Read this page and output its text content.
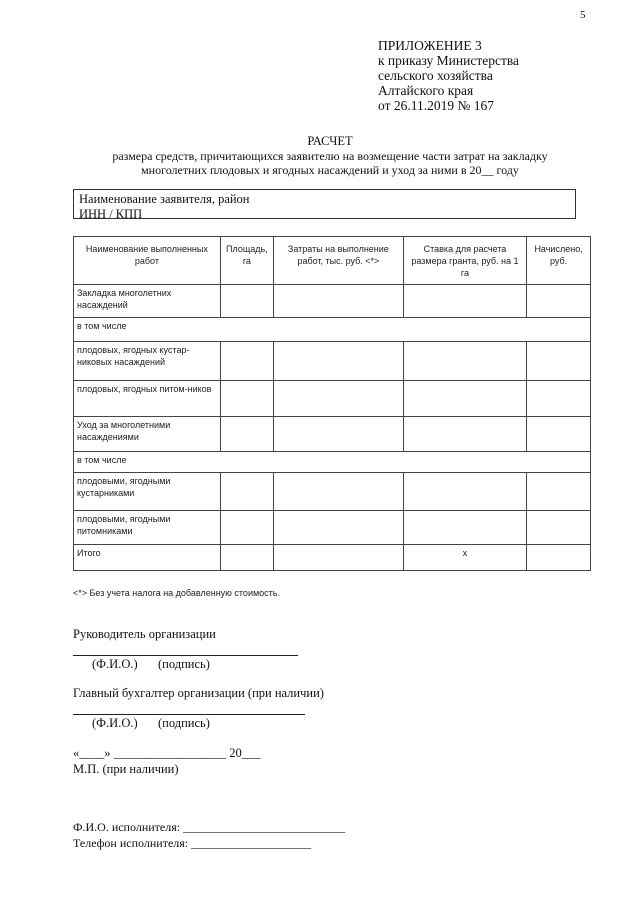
5
ПРИЛОЖЕНИЕ 3
к приказу Министерства
сельского хозяйства
Алтайского края
от 26.11.2019 № 167
РАСЧЕТ
размера средств, причитающихся заявителю на возмещение части затрат на закладку
многолетних плодовых и ягодных насаждений и уход за ними в 20__ году
Наименование заявителя, район
ИНН / КПП
Наименование выполненных работ	Площадь, га	Затраты на выполнение работ, тыс. руб. <*>	Ставка для расчета размера гранта, руб. на 1 га	Начислено, руб.
Закладка многолетних насаждений				
в том числе				
плодовых, ягодных кустар-никовых насаждений				
плодовых, ягодных питом-ников				
Уход за многолетними насаждениями				
в том числе				
плодовыми, ягодными кустарниками				
плодовыми, ягодными питомниками				
Итого			x	
<*> Без учета налога на добавленную стоимость.
Руководитель организации
(Ф.И.О.) (подпись)
Главный бухгалтер организации (при наличии)
(Ф.И.О.) (подпись)
«____» __________________ 20___
М.П. (при наличии)
Ф.И.О. исполнителя: ___________________________
Телефон исполнителя: ____________________
